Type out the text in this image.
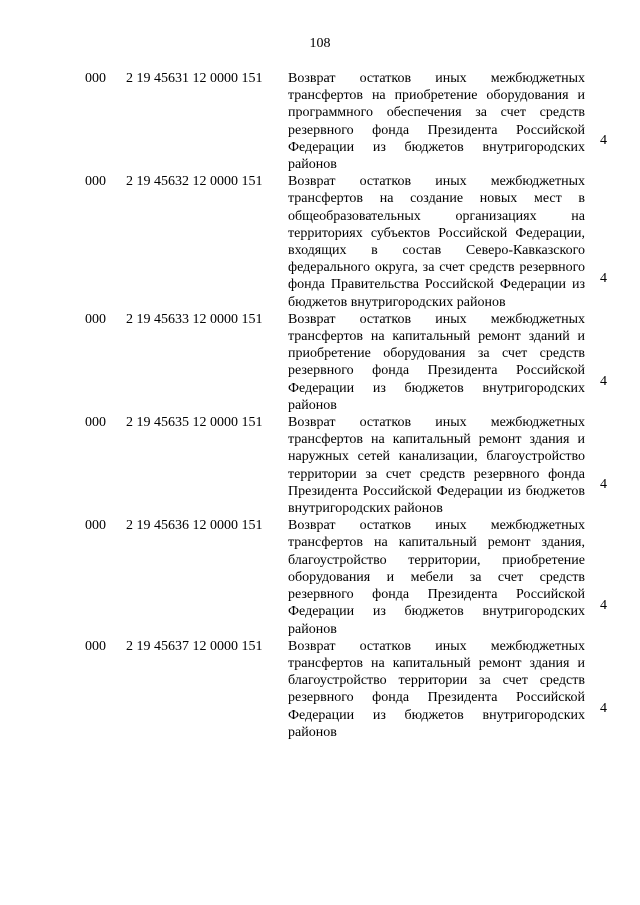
108
000 2 19 45631 12 0000 151 Возврат остатков иных межбюджетных трансфертов на приобретение оборудования и программного обеспечения за счет средств резервного фонда Президента Российской Федерации из бюджетов внутригородских районов
4
000 2 19 45632 12 0000 151 Возврат остатков иных межбюджетных трансфертов на создание новых мест в общеобразовательных организациях на территориях субъектов Российской Федерации, входящих в состав Северо-Кавказского федерального округа, за счет средств резервного фонда Правительства Российской Федерации из бюджетов внутригородских районов
4
000 2 19 45633 12 0000 151 Возврат остатков иных межбюджетных трансфертов на капитальный ремонт зданий и приобретение оборудования за счет средств резервного фонда Президента Российской Федерации из бюджетов внутригородских районов
4
000 2 19 45635 12 0000 151 Возврат остатков иных межбюджетных трансфертов на капитальный ремонт здания и наружных сетей канализации, благоустройство территории за счет средств резервного фонда Президента Российской Федерации из бюджетов внутригородских районов
4
000 2 19 45636 12 0000 151 Возврат остатков иных межбюджетных трансфертов на капитальный ремонт здания, благоустройство территории, приобретение оборудования и мебели за счет средств резервного фонда Президента Российской Федерации из бюджетов внутригородских районов
4
000 2 19 45637 12 0000 151 Возврат остатков иных межбюджетных трансфертов на капитальный ремонт здания и благоустройство территории за счет средств резервного фонда Президента Российской Федерации из бюджетов внутригородских районов
4
